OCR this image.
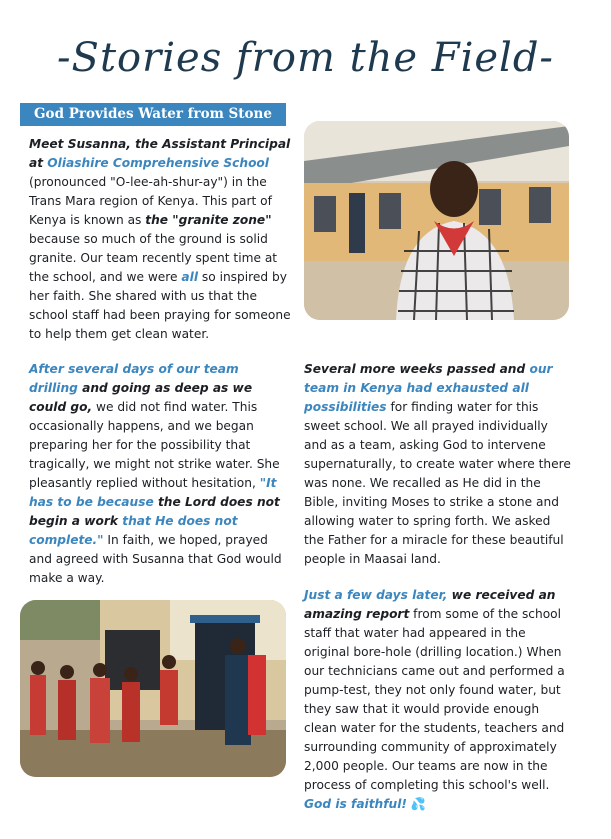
-Stories from the Field-
God Provides Water from Stone

Meet Susanna, the Assistant Principal at Oliashire Comprehensive School (pronounced "O-lee-ah-shur-ay") in the Trans Mara region of Kenya. This part of Kenya is known as the "granite zone" because so much of the ground is solid granite. Our team recently spent time at the school, and we were all so inspired by her faith. She shared with us that the school staff had been praying for someone to help them get clean water.

After several days of our team drilling and going as deep as we could go, we did not find water. This occasionally happens, and we began preparing her for the possibility that tragically, we might not strike water. She pleasantly replied without hesitation, "It has to be because the Lord does not begin a work that He does not complete." In faith, we hoped, prayed and agreed with Susanna that God would make a way.

Several more weeks passed and our team in Kenya had exhausted all possibilities for finding water for this sweet school. We all prayed individually and as a team, asking God to intervene supernaturally, to create water where there was none. We recalled as He did in the Bible, inviting Moses to strike a stone and allowing water to spring forth. We asked the Father for a miracle for these beautiful people in Maasai land.

Just a few days later, we received an amazing report from some of the school staff that water had appeared in the original bore-hole (drilling location.) When our technicians came out and performed a pump-test, they not only found water, but they saw that it would provide enough clean water for the students, teachers and surrounding community of approximately 2,000 people. Our teams are now in the process of completing this school's well. God is faithful! 💦
